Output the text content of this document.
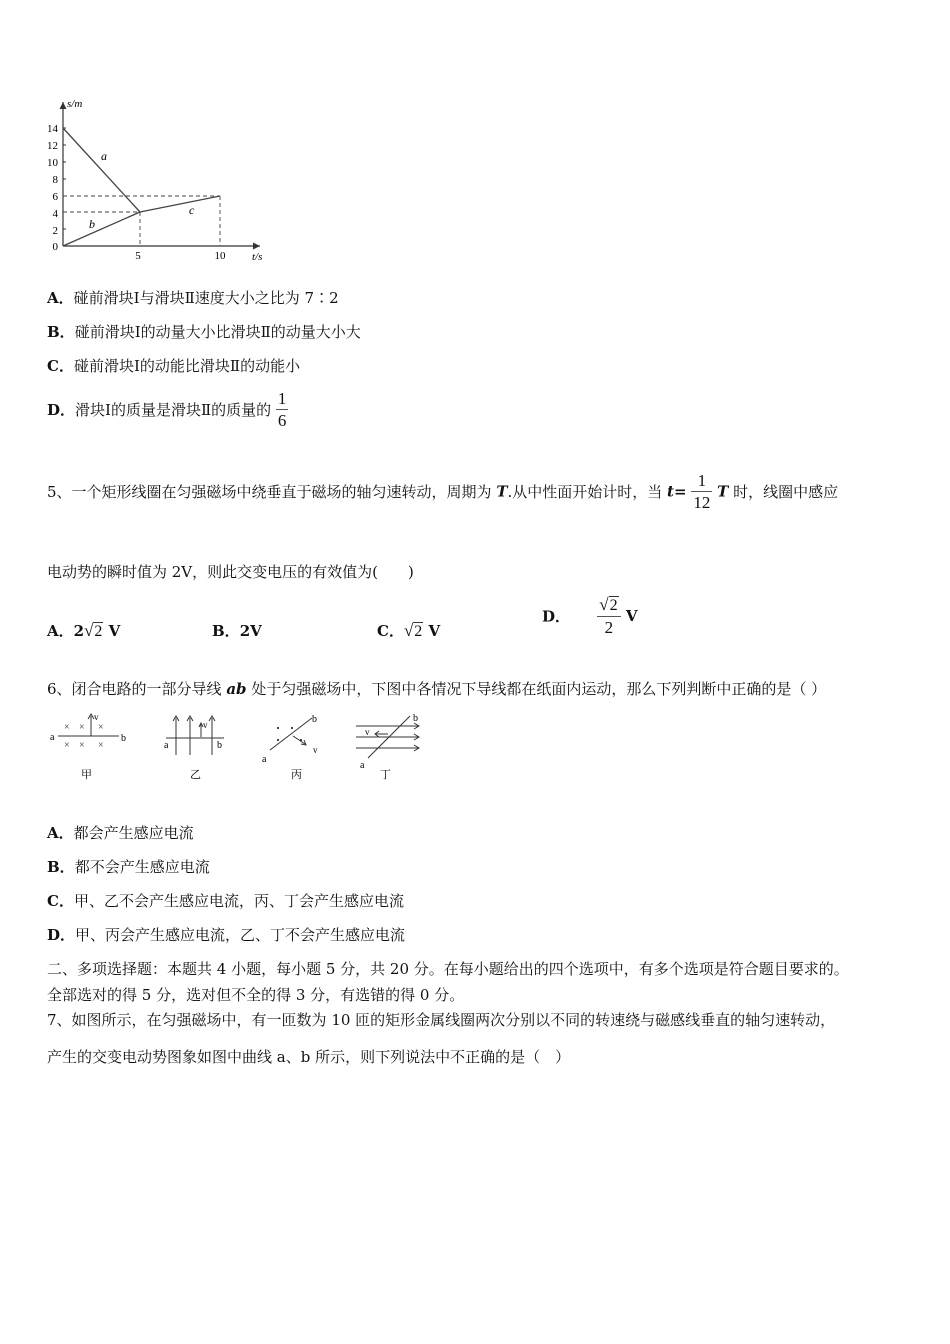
s/m
t/s
14
12
10
8
6
4
2
0
5	10
a
b
c
A．碰前滑块Ⅰ与滑块Ⅱ速度大小之比为 7∶2
B．碰前滑块Ⅰ的动量大小比滑块Ⅱ的动量大小大
C．碰前滑块Ⅰ的动能比滑块Ⅱ的动能小
D．滑块Ⅰ的质量是滑块Ⅱ的质量的 $\frac{1}{6}$
5、一个矩形线圈在匀强磁场中绕垂直于磁场的轴匀速转动，周期为 T.从中性面开始计时，当 $t= \frac{1}{12}$ T 时，线圈中感应
电动势的瞬时值为 2V，则此交变电压的有效值为(　　)
A．2√2 V	B．2V	C．√2 V
D． $\frac{√2}{2}$ V
6、闭合电路的一部分导线 ab 处于匀强磁场中，下图中各情况下导线都在纸面内运动，那么下列判断中正确的是（ ）
a	b
× × ×
× × ×
v
甲
v
a	b
乙
a
b
v
丙
a
b
v
丁
A．都会产生感应电流
B．都不会产生感应电流
C．甲、乙不会产生感应电流，丙、丁会产生感应电流
D．甲、丙会产生感应电流，乙、丁不会产生感应电流
二、多项选择题：本题共 4 小题，每小题 5 分，共 20 分。在每小题给出的四个选项中，有多个选项是符合题目要求的。
全部选对的得 5 分，选对但不全的得 3 分，有选错的得 0 分。
7、如图所示，在匀强磁场中，有一匝数为 10 匝的矩形金属线圈两次分别以不同的转速绕与磁感线垂直的轴匀速转动，
产生的交变电动势图象如图中曲线 a、b 所示，则下列说法中不正确的是（　）
